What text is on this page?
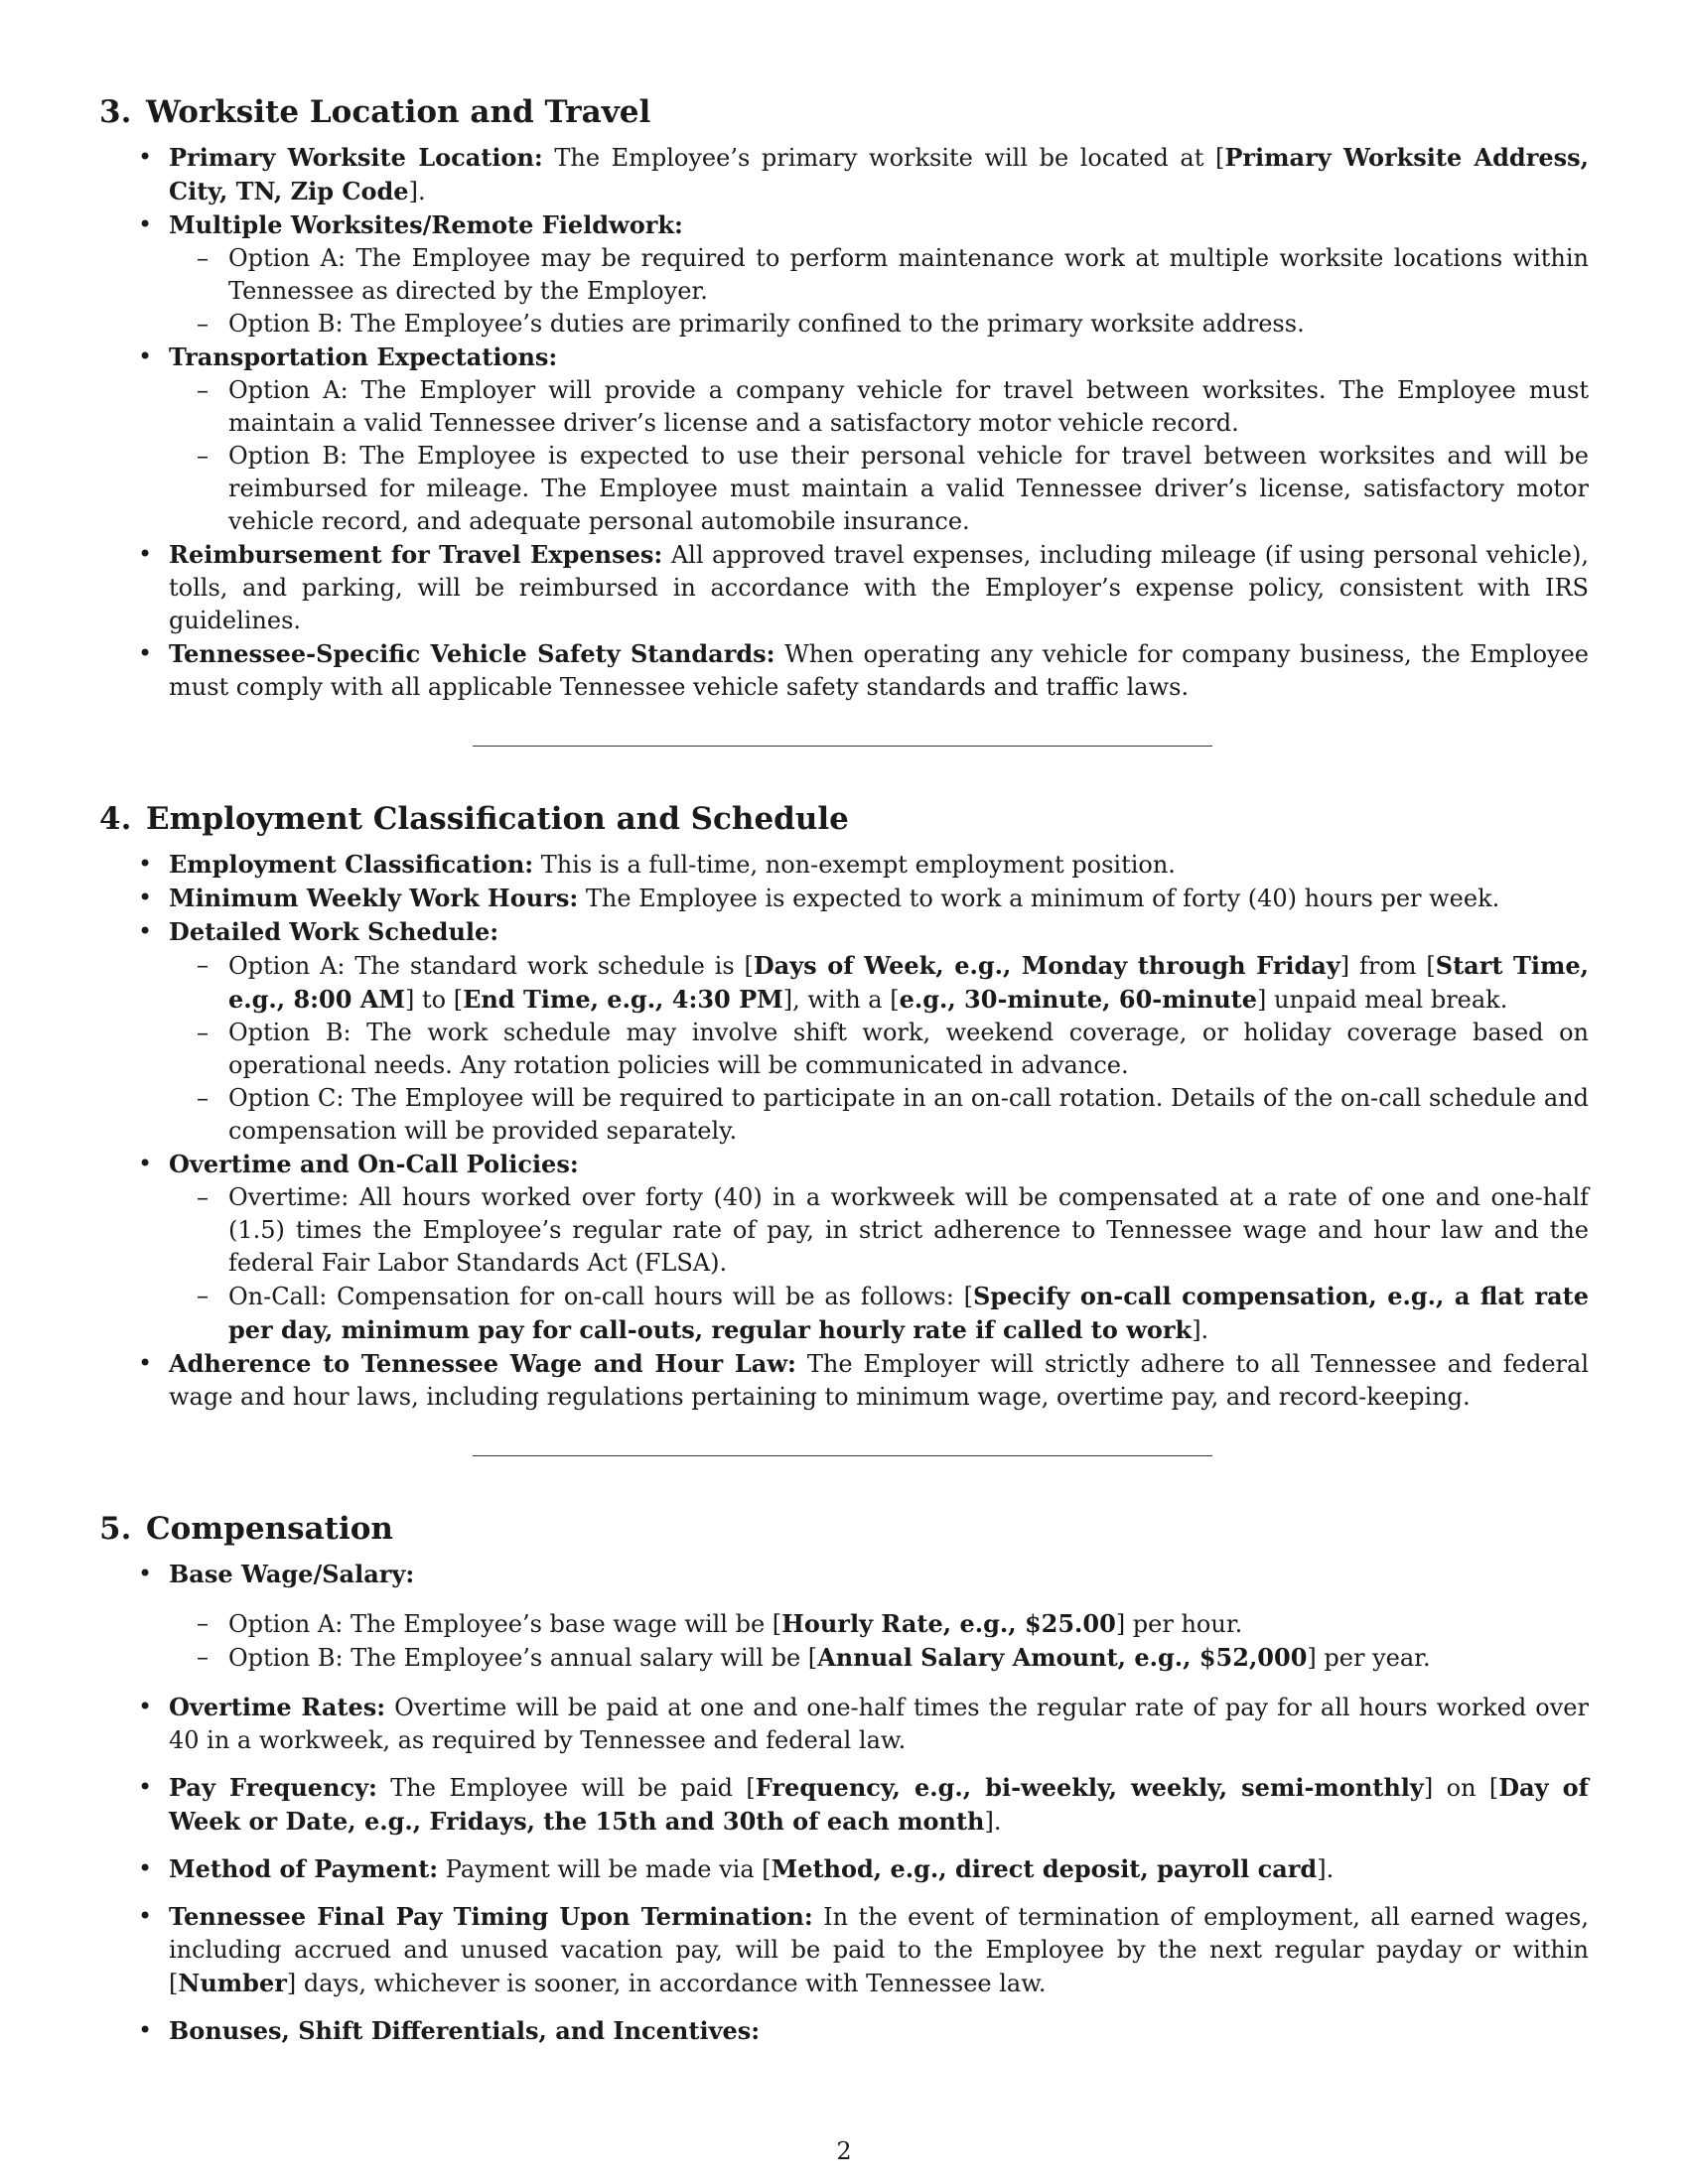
3. Worksite Location and Travel
• Primary Worksite Location: The Employee’s primary worksite will be located at [Primary Worksite Address, City, TN, Zip Code].
• Multiple Worksites/Remote Fieldwork:
– Option A: The Employee may be required to perform maintenance work at multiple worksite locations within Tennessee as directed by the Employer.
– Option B: The Employee’s duties are primarily confined to the primary worksite address.
• Transportation Expectations:
– Option A: The Employer will provide a company vehicle for travel between worksites. The Employee must maintain a valid Tennessee driver’s license and a satisfactory motor vehicle record.
– Option B: The Employee is expected to use their personal vehicle for travel between worksites and will be reimbursed for mileage. The Employee must maintain a valid Tennessee driver’s license, satisfactory motor vehicle record, and adequate personal automobile insurance.
• Reimbursement for Travel Expenses: All approved travel expenses, including mileage (if using personal vehicle), tolls, and parking, will be reimbursed in accordance with the Employer’s expense policy, consistent with IRS guidelines.
• Tennessee-Specific Vehicle Safety Standards: When operating any vehicle for company business, the Employee must comply with all applicable Tennessee vehicle safety standards and traffic laws.
4. Employment Classification and Schedule
• Employment Classification: This is a full-time, non-exempt employment position.
• Minimum Weekly Work Hours: The Employee is expected to work a minimum of forty (40) hours per week.
• Detailed Work Schedule:
– Option A: The standard work schedule is [Days of Week, e.g., Monday through Friday] from [Start Time, e.g., 8:00 AM] to [End Time, e.g., 4:30 PM], with a [e.g., 30-minute, 60-minute] unpaid meal break.
– Option B: The work schedule may involve shift work, weekend coverage, or holiday coverage based on operational needs. Any rotation policies will be communicated in advance.
– Option C: The Employee will be required to participate in an on-call rotation. Details of the on-call schedule and compensation will be provided separately.
• Overtime and On-Call Policies:
– Overtime: All hours worked over forty (40) in a workweek will be compensated at a rate of one and one-half (1.5) times the Employee’s regular rate of pay, in strict adherence to Tennessee wage and hour law and the federal Fair Labor Standards Act (FLSA).
– On-Call: Compensation for on-call hours will be as follows: [Specify on-call compensation, e.g., a flat rate per day, minimum pay for call-outs, regular hourly rate if called to work].
• Adherence to Tennessee Wage and Hour Law: The Employer will strictly adhere to all Tennessee and federal wage and hour laws, including regulations pertaining to minimum wage, overtime pay, and record-keeping.
5. Compensation
• Base Wage/Salary:
– Option A: The Employee’s base wage will be [Hourly Rate, e.g., $25.00] per hour.
– Option B: The Employee’s annual salary will be [Annual Salary Amount, e.g., $52,000] per year.
• Overtime Rates: Overtime will be paid at one and one-half times the regular rate of pay for all hours worked over 40 in a workweek, as required by Tennessee and federal law.
• Pay Frequency: The Employee will be paid [Frequency, e.g., bi-weekly, weekly, semi-monthly] on [Day of Week or Date, e.g., Fridays, the 15th and 30th of each month].
• Method of Payment: Payment will be made via [Method, e.g., direct deposit, payroll card].
• Tennessee Final Pay Timing Upon Termination: In the event of termination of employment, all earned wages, including accrued and unused vacation pay, will be paid to the Employee by the next regular payday or within [Number] days, whichever is sooner, in accordance with Tennessee law.
• Bonuses, Shift Differentials, and Incentives:
2
